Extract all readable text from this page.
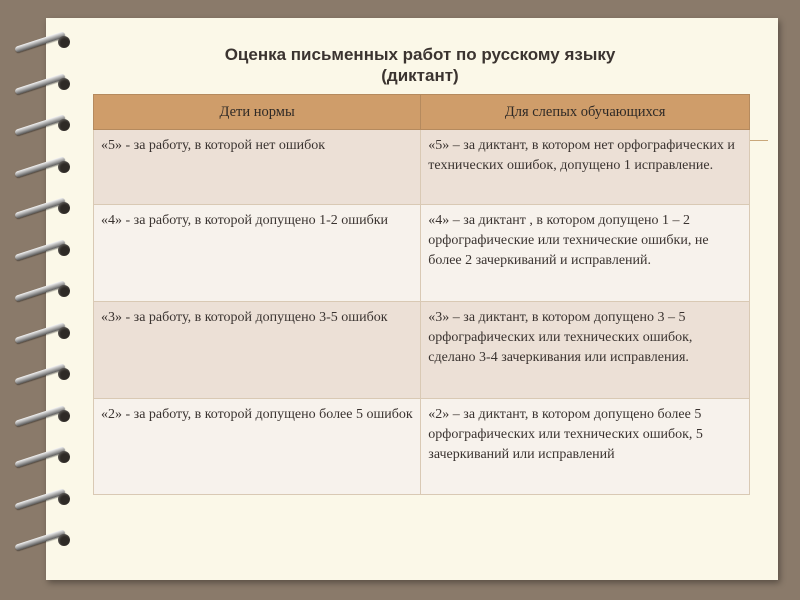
Оценка письменных работ по русскому языку
(диктант)
Дети нормы	Для слепых обучающихся
«5» - за работу, в которой нет ошибок	«5» – за диктант, в котором нет орфографических и технических ошибок, допущено 1 исправление.
«4» - за работу, в которой допущено 1-2 ошибки	«4» – за диктант , в котором допущено 1 – 2 орфографические или технические ошибки, не более 2 зачеркиваний и исправлений.
«3» - за работу, в которой допущено 3-5 ошибок	«3» – за диктант, в котором допущено 3 – 5 орфографических или технических ошибок, сделано 3-4 зачеркивания или исправления.
«2» - за работу, в которой допущено более 5 ошибок	«2» – за диктант, в котором допущено более 5 орфографических или технических ошибок, 5 зачеркиваний или исправлений
